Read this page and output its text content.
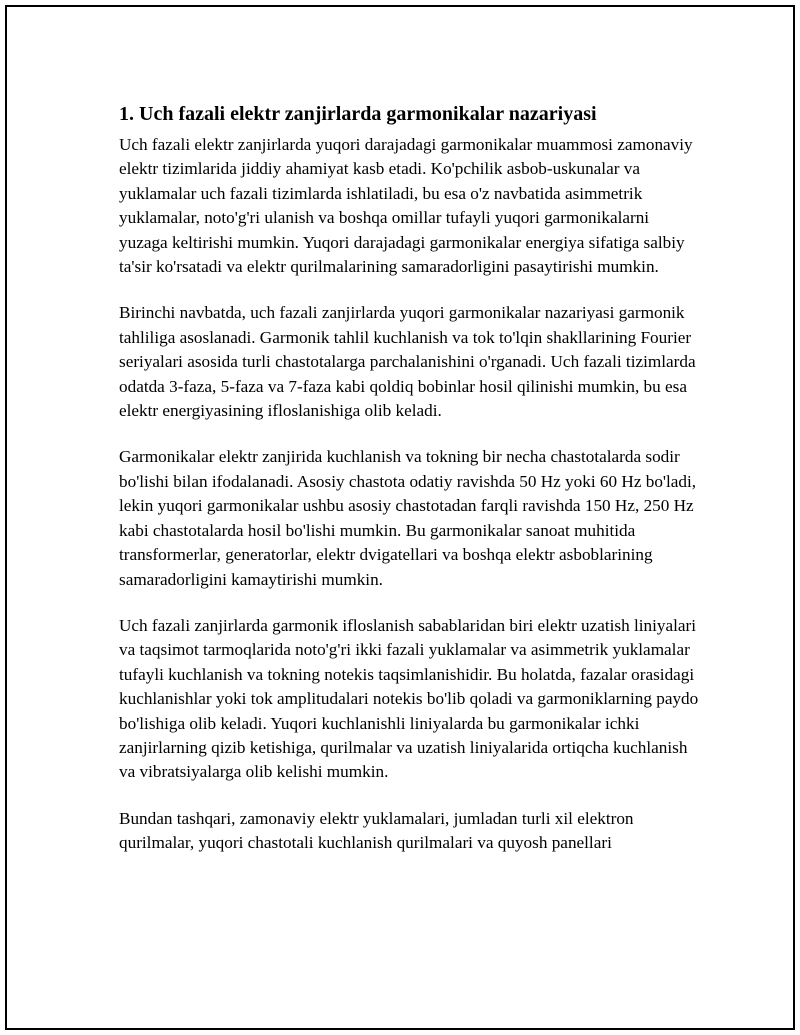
1. Uch fazali elektr zanjirlarda garmonikalar nazariyasi

Uch fazali elektr zanjirlarda yuqori darajadagi garmonikalar muammosi zamonaviy elektr tizimlarida jiddiy ahamiyat kasb etadi. Ko'pchilik asbob-uskunalar va yuklamalar uch fazali tizimlarda ishlatiladi, bu esa o'z navbatida asimmetrik yuklamalar, noto'g'ri ulanish va boshqa omillar tufayli yuqori garmonikalarni yuzaga keltirishi mumkin. Yuqori darajadagi garmonikalar energiya sifatiga salbiy ta'sir ko'rsatadi va elektr qurilmalarining samaradorligini pasaytirishi mumkin.

Birinchi navbatda, uch fazali zanjirlarda yuqori garmonikalar nazariyasi garmonik tahliliga asoslanadi. Garmonik tahlil kuchlanish va tok to'lqin shakllarining Fourier seriyalari asosida turli chastotalarga parchalanishini o'rganadi. Uch fazali tizimlarda odatda 3-faza, 5-faza va 7-faza kabi qoldiq bobinlar hosil qilinishi mumkin, bu esa elektr energiyasining ifloslanishiga olib keladi.

Garmonikalar elektr zanjirida kuchlanish va tokning bir necha chastotalarda sodir bo'lishi bilan ifodalanadi. Asosiy chastota odatiy ravishda 50 Hz yoki 60 Hz bo'ladi, lekin yuqori garmonikalar ushbu asosiy chastotadan farqli ravishda 150 Hz, 250 Hz kabi chastotalarda hosil bo'lishi mumkin. Bu garmonikalar sanoat muhitida transformerlar, generatorlar, elektr dvigatellari va boshqa elektr asboblarining samaradorligini kamaytirishi mumkin.

Uch fazali zanjirlarda garmonik ifloslanish sabablaridan biri elektr uzatish liniyalari va taqsimot tarmoqlarida noto'g'ri ikki fazali yuklamalar va asimmetrik yuklamalar tufayli kuchlanish va tokning notekis taqsimlanishidir. Bu holatda, fazalar orasidagi kuchlanishlar yoki tok amplitudalari notekis bo'lib qoladi va garmoniklarning paydo bo'lishiga olib keladi. Yuqori kuchlanishli liniyalarda bu garmonikalar ichki zanjirlarning qizib ketishiga, qurilmalar va uzatish liniyalarida ortiqcha kuchlanish va vibratsiyalarga olib kelishi mumkin.

Bundan tashqari, zamonaviy elektr yuklamalari, jumladan turli xil elektron qurilmalar, yuqori chastotali kuchlanish qurilmalari va quyosh panellari
